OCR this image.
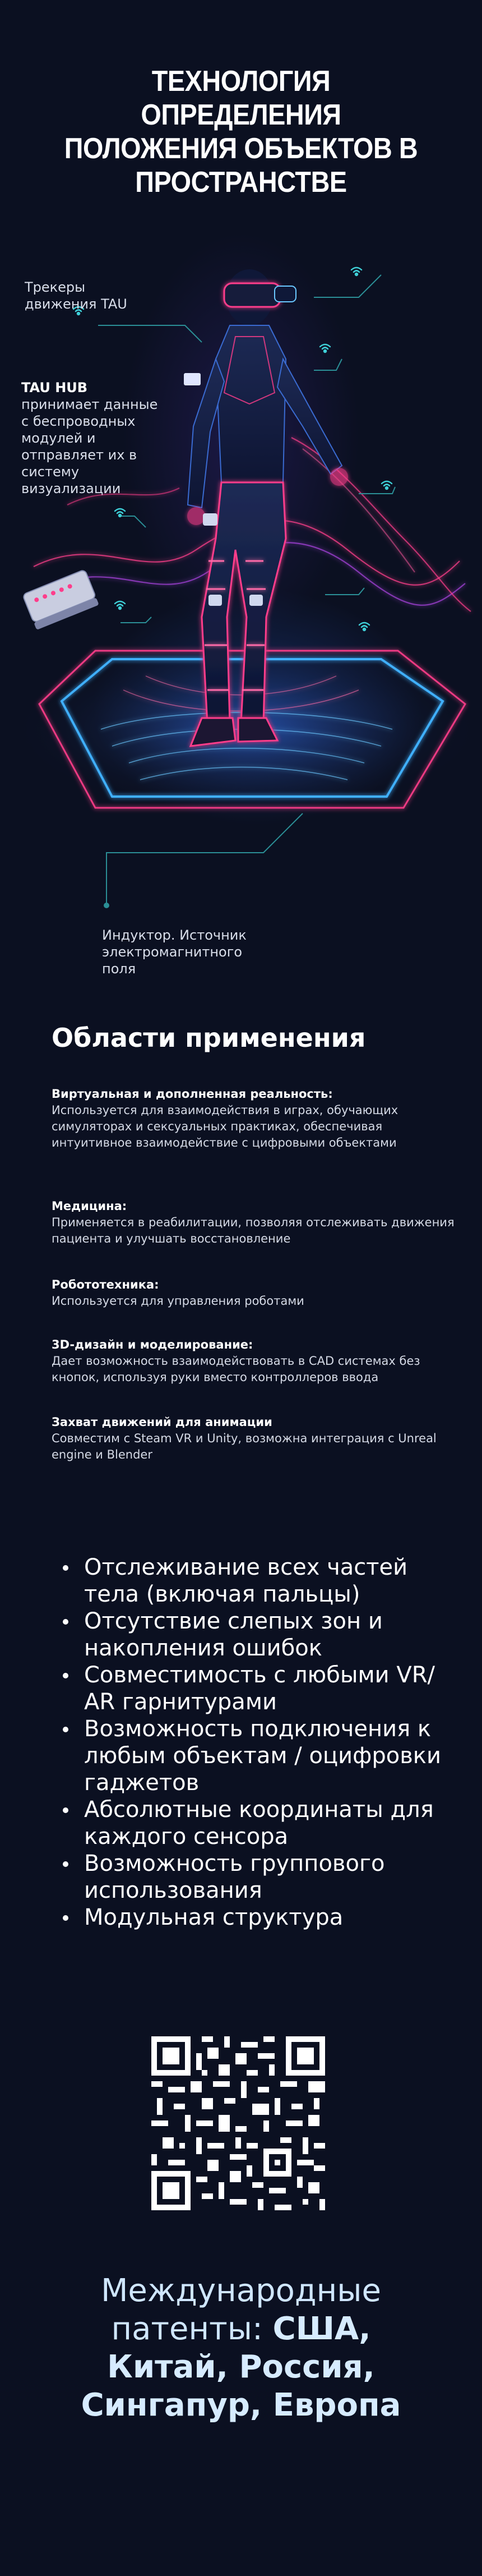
ТЕХНОЛОГИЯ ОПРЕДЕЛЕНИЯ ПОЛОЖЕНИЯ ОБЪЕКТОВ В ПРОСТРАНСТВЕ
Трекеры движения TAU
TAU HUB
принимает данные с беспроводных модулей и отправляет их в систему визуализации
Индуктор. Источник электромагнитного поля
Области применения
Виртуальная и дополненная реальность:
Используется для взаимодействия в играх, обучающих симуляторах и сексуальных практиках, обеспечивая интуитивное взаимодействие с цифровыми объектами
Медицина:
Применяется в реабилитации, позволяя отслеживать движения пациента и улучшать восстановление
Робототехника:
Используется для управления роботами
3D-дизайн и моделирование:
Дает возможность взаимодействовать в CAD системах без кнопок, используя руки вместо контроллеров ввода
Захват движений для анимации
Совместим с Steam VR и Unity, возможна интеграция с Unreal engine и Blender
Отслеживание всех частей тела (включая пальцы)
Отсутствие слепых зон и накопления ошибок
Совместимость с любыми VR/ AR гарнитурами
Возможность подключения к любым объектам / оцифровки гаджетов
Абсолютные координаты для каждого сенсора
Возможность группового использования
Модульная структура
Международные патенты: США, Китай, Россия, Сингапур, Европа
